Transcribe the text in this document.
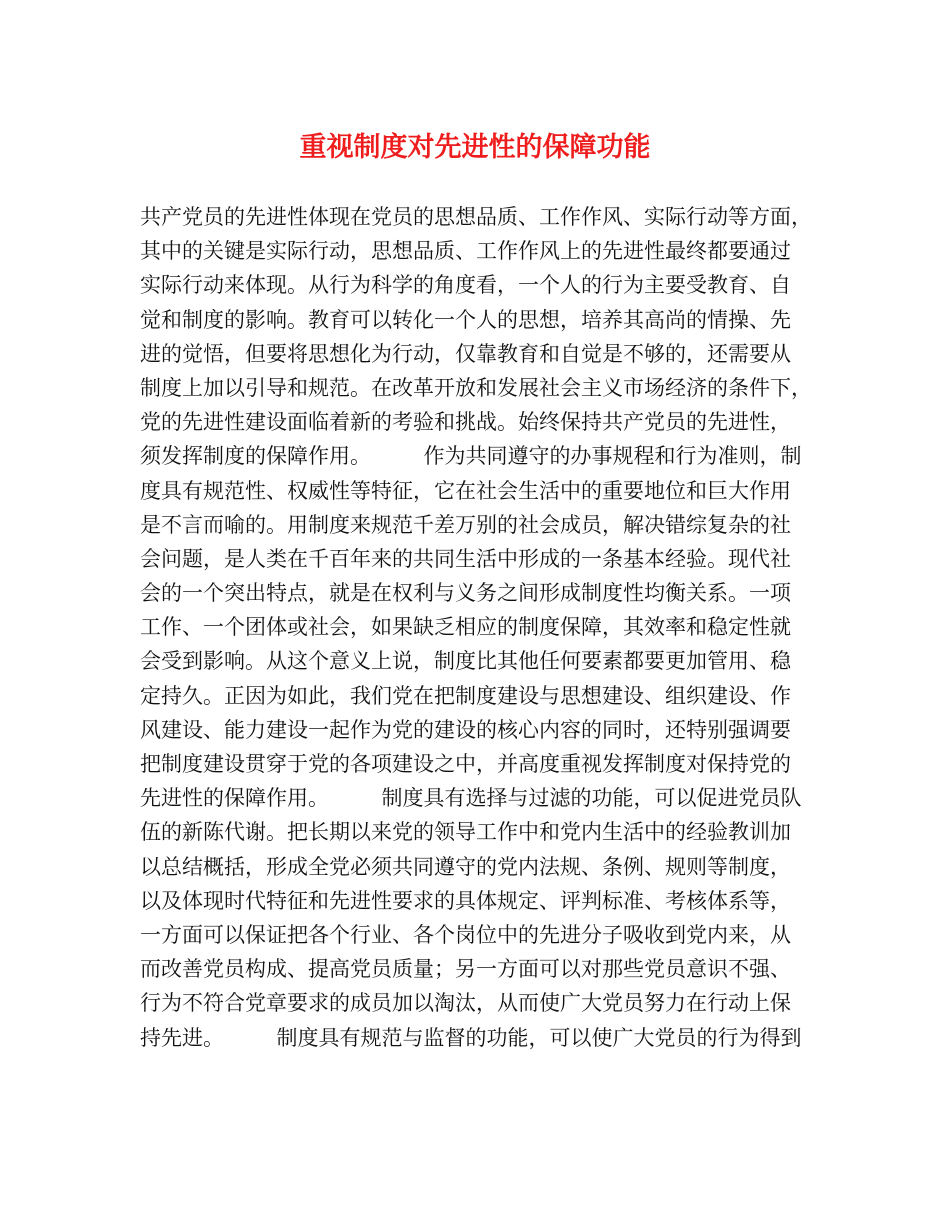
重视制度对先进性的保障功能
共产党员的先进性体现在党员的思想品质、工作作风、实际行动等方面，
其中的关键是实际行动，思想品质、工作作风上的先进性最终都要通过
实际行动来体现。从行为科学的角度看，一个人的行为主要受教育、自
觉和制度的影响。教育可以转化一个人的思想，培养其高尚的情操、先
进的觉悟，但要将思想化为行动，仅靠教育和自觉是不够的，还需要从
制度上加以引导和规范。在改革开放和发展社会主义市场经济的条件下，
党的先进性建设面临着新的考验和挑战。始终保持共产党员的先进性，
须发挥制度的保障作用。　　　作为共同遵守的办事规程和行为准则，制
度具有规范性、权威性等特征，它在社会生活中的重要地位和巨大作用
是不言而喻的。用制度来规范千差万别的社会成员，解决错综复杂的社
会问题，是人类在千百年来的共同生活中形成的一条基本经验。现代社
会的一个突出特点，就是在权利与义务之间形成制度性均衡关系。一项
工作、一个团体或社会，如果缺乏相应的制度保障，其效率和稳定性就
会受到影响。从这个意义上说，制度比其他任何要素都要更加管用、稳
定持久。正因为如此，我们党在把制度建设与思想建设、组织建设、作
风建设、能力建设一起作为党的建设的核心内容的同时，还特别强调要
把制度建设贯穿于党的各项建设之中，并高度重视发挥制度对保持党的
先进性的保障作用。　　　制度具有选择与过滤的功能，可以促进党员队
伍的新陈代谢。把长期以来党的领导工作中和党内生活中的经验教训加
以总结概括，形成全党必须共同遵守的党内法规、条例、规则等制度，
以及体现时代特征和先进性要求的具体规定、评判标准、考核体系等，
一方面可以保证把各个行业、各个岗位中的先进分子吸收到党内来，从
而改善党员构成、提高党员质量；另一方面可以对那些党员意识不强、
行为不符合党章要求的成员加以淘汰，从而使广大党员努力在行动上保
持先进。　　　制度具有规范与监督的功能，可以使广大党员的行为得到
